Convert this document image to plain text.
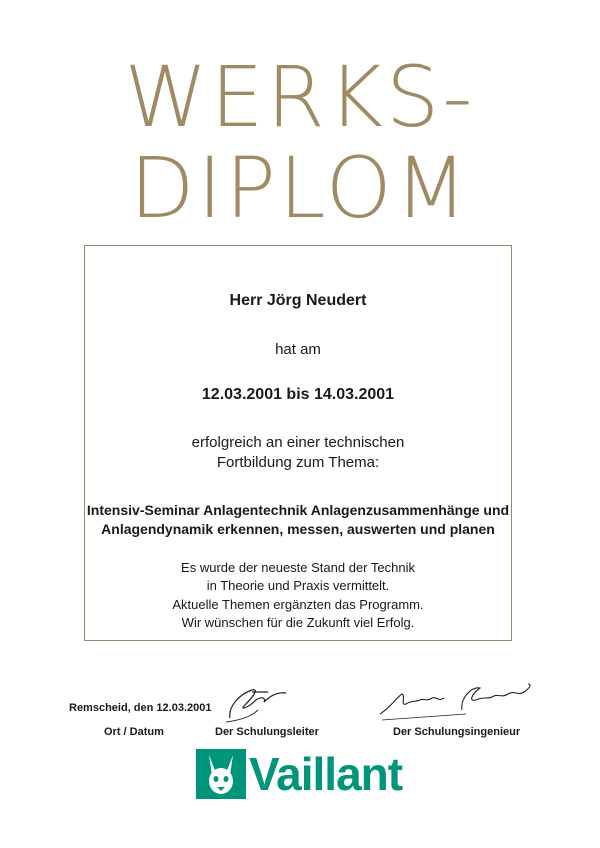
WERKS-
DIPLOM
Herr Jörg Neudert
hat am
12.03.2001 bis 14.03.2001
erfolgreich an einer technischen
Fortbildung zum Thema:
Intensiv-Seminar Anlagentechnik Anlagenzusammenhänge und
Anlagendynamik erkennen, messen, auswerten und planen
Es wurde der neueste Stand der Technik
in Theorie und Praxis vermittelt.
Aktuelle Themen ergänzten das Programm.
Wir wünschen für die Zukunft viel Erfolg.
Remscheid, den 12.03.2001
Ort / Datum	Der Schulungsleiter	Der Schulungsingenieur
Vaillant
